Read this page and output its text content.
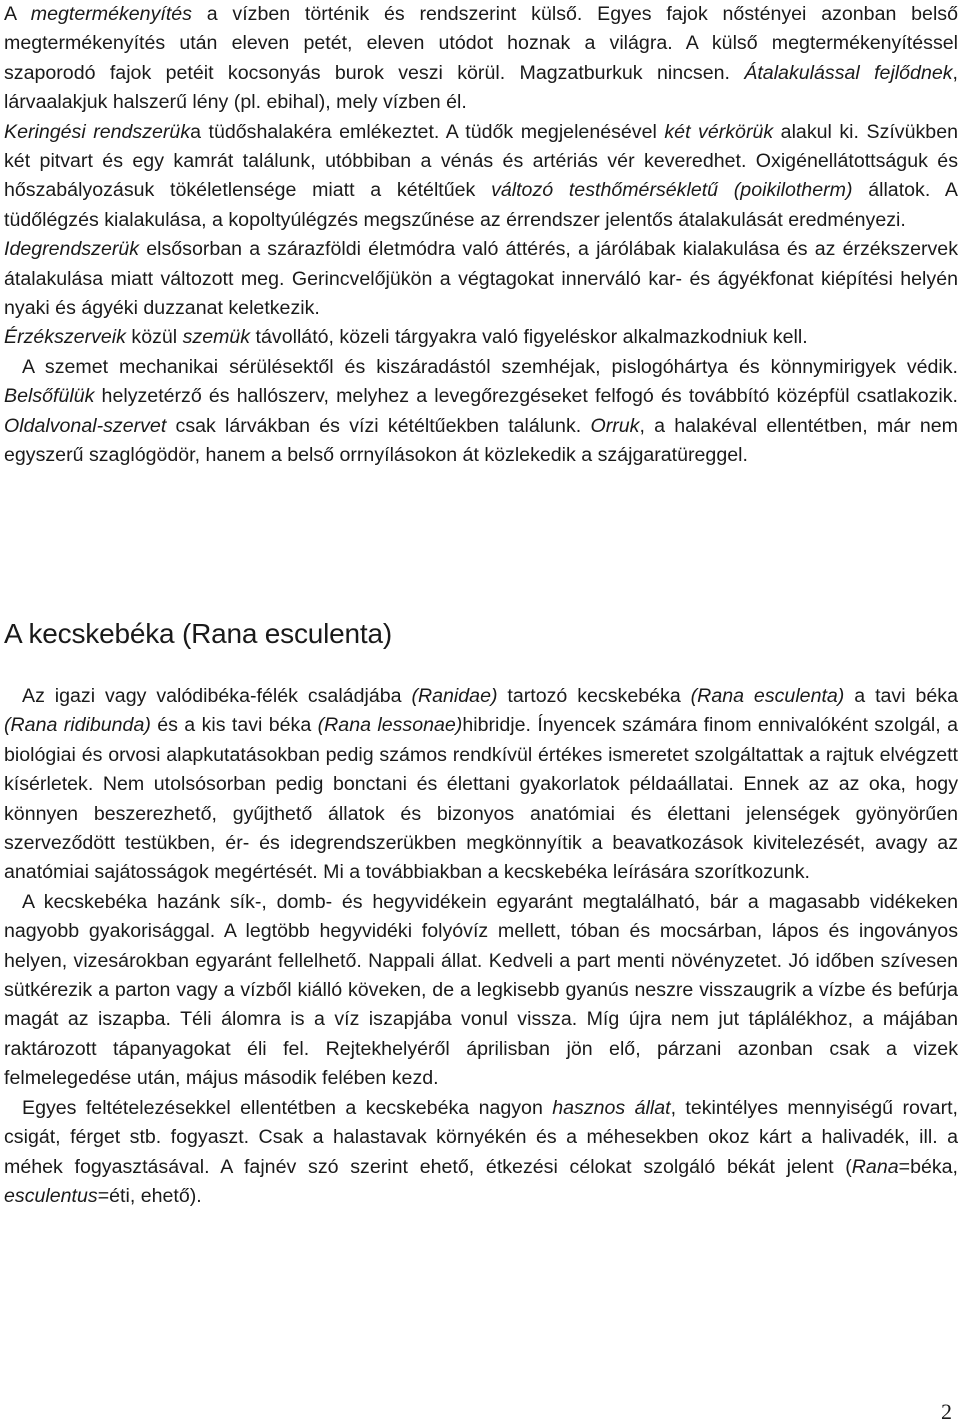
A megtermékenyítés a vízben történik és rendszerint külső. Egyes fajok nőstényei azonban belső megtermékenyítés után eleven petét, eleven utódot hoznak a világra. A külső megtermékenyítéssel szaporodó fajok petéit kocsonyás burok veszi körül. Magzatburkuk nincsen. Átalakulással fejlődnek, lárvaalakjuk halszerű lény (pl. ebihal), mely vízben él.

Keringési rendszerüka tüdőshalakéra emlékeztet. A tüdők megjelenésével két vérkörük alakul ki. Szívükben két pitvart és egy kamrát találunk, utóbbiban a vénás és artériás vér keveredhet. Oxigénellátottságuk és hőszabályozásuk tökéletlensége miatt a kétéltűek változó testhőmérsékletű (poikilotherm) állatok. A tüdőlégzés kialakulása, a kopoltyúlégzés megszűnése az érrendszer jelentős átalakulását eredményezi.

Idegrendszerük elsősorban a szárazföldi életmódra való áttérés, a járólábak kialakulása és az érzékszervek átalakulása miatt változott meg. Gerincvelőjükön a végtagokat innerváló kar- és ágyékfonat kiépítési helyén nyaki és ágyéki duzzanat keletkezik.

Érzékszerveik közül szemük távollátó, közeli tárgyakra való figyeléskor alkalmazkodniuk kell.

A szemet mechanikai sérülésektől és kiszáradástól szemhéjak, pislogóhártya és könnymirigyek védik. Belsőfülük helyzetérző és hallószerv, melyhez a levegőrezgéseket felfogó és továbbító középfül csatlakozik. Oldalvonal-szervet csak lárvákban és vízi kétéltűekben találunk. Orruk, a halakéval ellentétben, már nem egyszerű szaglógödör, hanem a belső orrnyílásokon át közlekedik a szájgaratüreggel.

A kecskebéka (Rana esculenta)

Az igazi vagy valódibéka-félék családjába (Ranidae) tartozó kecskebéka (Rana esculenta) a tavi béka (Rana ridibunda) és a kis tavi béka (Rana lessonae)hibridje. Ínyencek számára finom ennivalóként szolgál, a biológiai és orvosi alapkutatásokban pedig számos rendkívül értékes ismeretet szolgáltattak a rajtuk elvégzett kísérletek. Nem utolsósorban pedig bonctani és élettani gyakorlatok példaállatai. Ennek az az oka, hogy könnyen beszerezhető, gyűjthető állatok és bizonyos anatómiai és élettani jelenségek gyönyörűen szerveződött testükben, ér- és idegrendszerükben megkönnyítik a beavatkozások kivitelezését, avagy az anatómiai sajátosságok megértését. Mi a továbbiakban a kecskebéka leírására szorítkozunk.

A kecskebéka hazánk sík-, domb- és hegyvidékein egyaránt megtalálható, bár a magasabb vidékeken nagyobb gyakorisággal. A legtöbb hegyvidéki folyóvíz mellett, tóban és mocsárban, lápos és ingoványos helyen, vizesárokban egyaránt fellelhető. Nappali állat. Kedveli a part menti növényzetet. Jó időben szívesen sütkérezik a parton vagy a vízből kiálló köveken, de a legkisebb gyanús neszre visszaugrik a vízbe és befúrja magát az iszapba. Téli álomra is a víz iszapjába vonul vissza. Míg újra nem jut táplálékhoz, a májában raktározott tápanyagokat éli fel. Rejtekhelyéről áprilisban jön elő, párzani azonban csak a vizek felmelegedése után, május második felében kezd.

Egyes feltételezésekkel ellentétben a kecskebéka nagyon hasznos állat, tekintélyes mennyiségű rovart, csigát, férget stb. fogyaszt. Csak a halastavak környékén és a méhesekben okoz kárt a halivadék, ill. a méhek fogyasztásával. A fajnév szó szerint ehető, étkezési célokat szolgáló békát jelent (Rana=béka, esculentus=éti, ehető).

2
